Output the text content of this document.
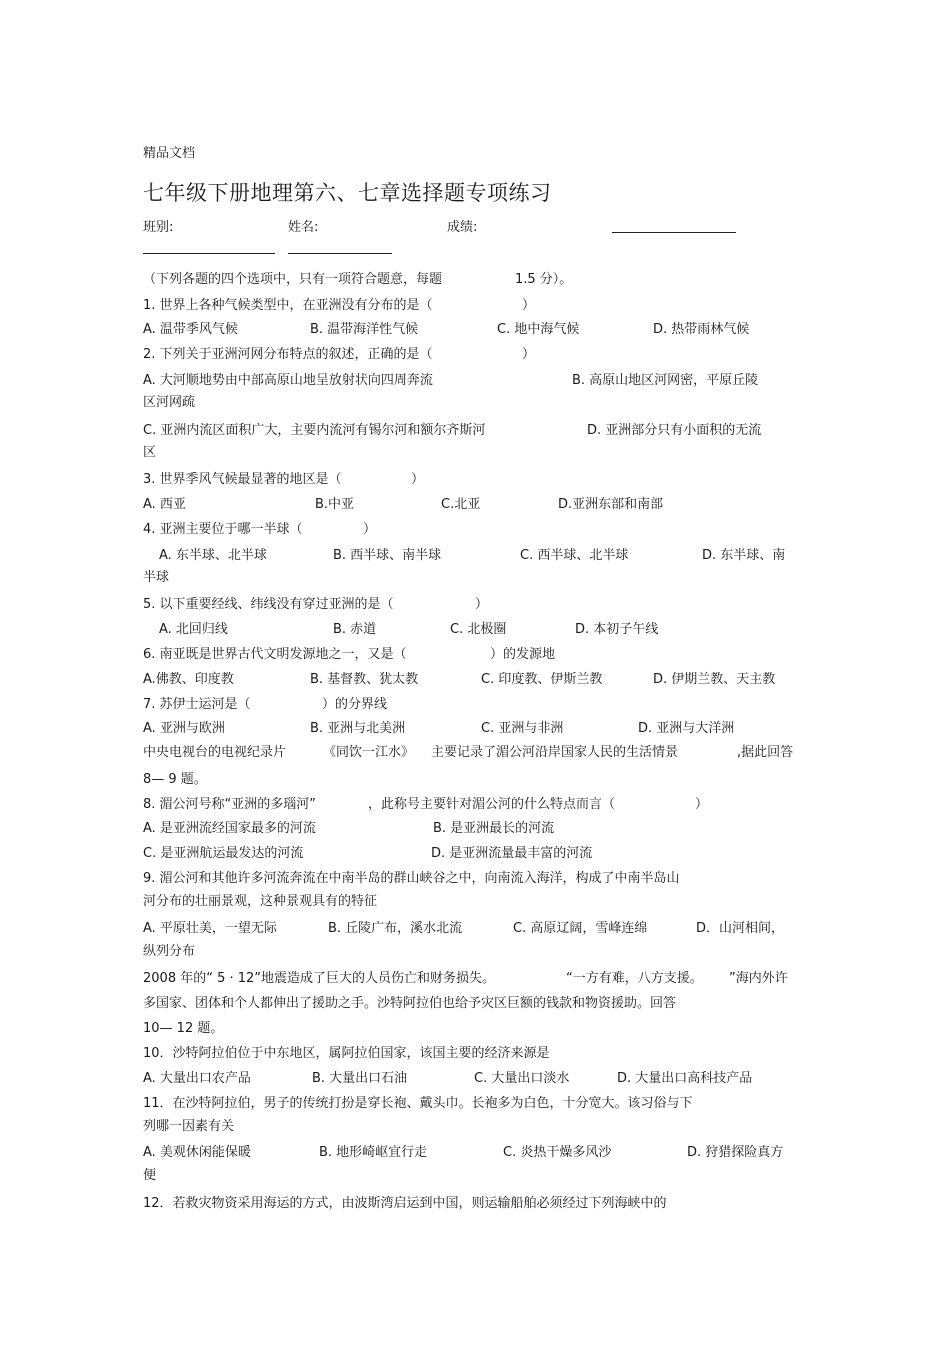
精品文档
七年级下册地理第六、七章选择题专项练习
班别:	姓名:	成绩:
（下列各题的四个选项中，只有一项符合题意，每题	1.5 分）。
1. 世界上各种气候类型中，在亚洲没有分布的是（	）
A. 温带季风气候	B. 温带海洋性气候	C. 地中海气候	D. 热带雨林气候
2. 下列关于亚洲河网分布特点的叙述，正确的是（	）
A. 大河顺地势由中部高原山地呈放射状向四周奔流	B. 高原山地区河网密，平原丘陵
区河网疏
C. 亚洲内流区面积广大，主要内流河有锡尔河和额尔齐斯河	D. 亚洲部分只有小面积的无流
区
3. 世界季风气候最显著的地区是（	）
A. 西亚	B.中亚	C.北亚	D.亚洲东部和南部
4. 亚洲主要位于哪一半球（	）
A. 东半球、北半球	B. 西半球、南半球	C. 西半球、北半球	D. 东半球、南
半球
5. 以下重要经线、纬线没有穿过亚洲的是（	）
A. 北回归线	B. 赤道	C. 北极圈	D. 本初子午线
6. 南亚既是世界古代文明发源地之一，又是（	）的发源地
A.佛教、印度教	B. 基督教、犹太教	C. 印度教、伊斯兰教	D. 伊期兰教、天主教
7. 苏伊士运河是（	）的分界线
A. 亚洲与欧洲	B. 亚洲与北美洲	C. 亚洲与非洲	D. 亚洲与大洋洲
中央电视台的电视纪录片	《同饮一江水》 主要记录了湄公河沿岸国家人民的生活情景	,据此回答
8— 9 题。
8. 湄公河号称“亚洲的多瑙河”	，此称号主要针对湄公河的什么特点而言（	）
A. 是亚洲流经国家最多的河流	B. 是亚洲最长的河流
C. 是亚洲航运最发达的河流	D. 是亚洲流量最丰富的河流
9. 湄公河和其他许多河流奔流在中南半岛的群山峡谷之中，向南流入海洋，构成了中南半岛山
河分布的壮丽景观，这种景观具有的特征
A. 平原壮美，一望无际	B. 丘陵广布，溪水北流	C. 高原辽阔，雪峰连绵	D．山河相间，
纵列分布
2008 年的“ 5 · 12”地震造成了巨大的人员伤亡和财务损失。	“一方有难，八方支援。 ”海内外许
多国家、团体和个人都伸出了援助之手。沙特阿拉伯也给予灾区巨额的钱款和物资援助。回答
10— 12 题。
10．沙特阿拉伯位于中东地区，属阿拉伯国家，该国主要的经济来源是
A. 大量出口农产品	B. 大量出口石油	C. 大量出口淡水	D. 大量出口高科技产品
11．在沙特阿拉伯，男子的传统打扮是穿长袍、戴头巾。长袍多为白色，十分宽大。该习俗与下
列哪一因素有关
A. 美观休闲能保暖	B. 地形崎岖宜行走	C. 炎热干燥多风沙	D. 狩猎探险真方
便
12．若救灾物资采用海运的方式，由波斯湾启运到中国，则运输船舶必须经过下列海峡中的
